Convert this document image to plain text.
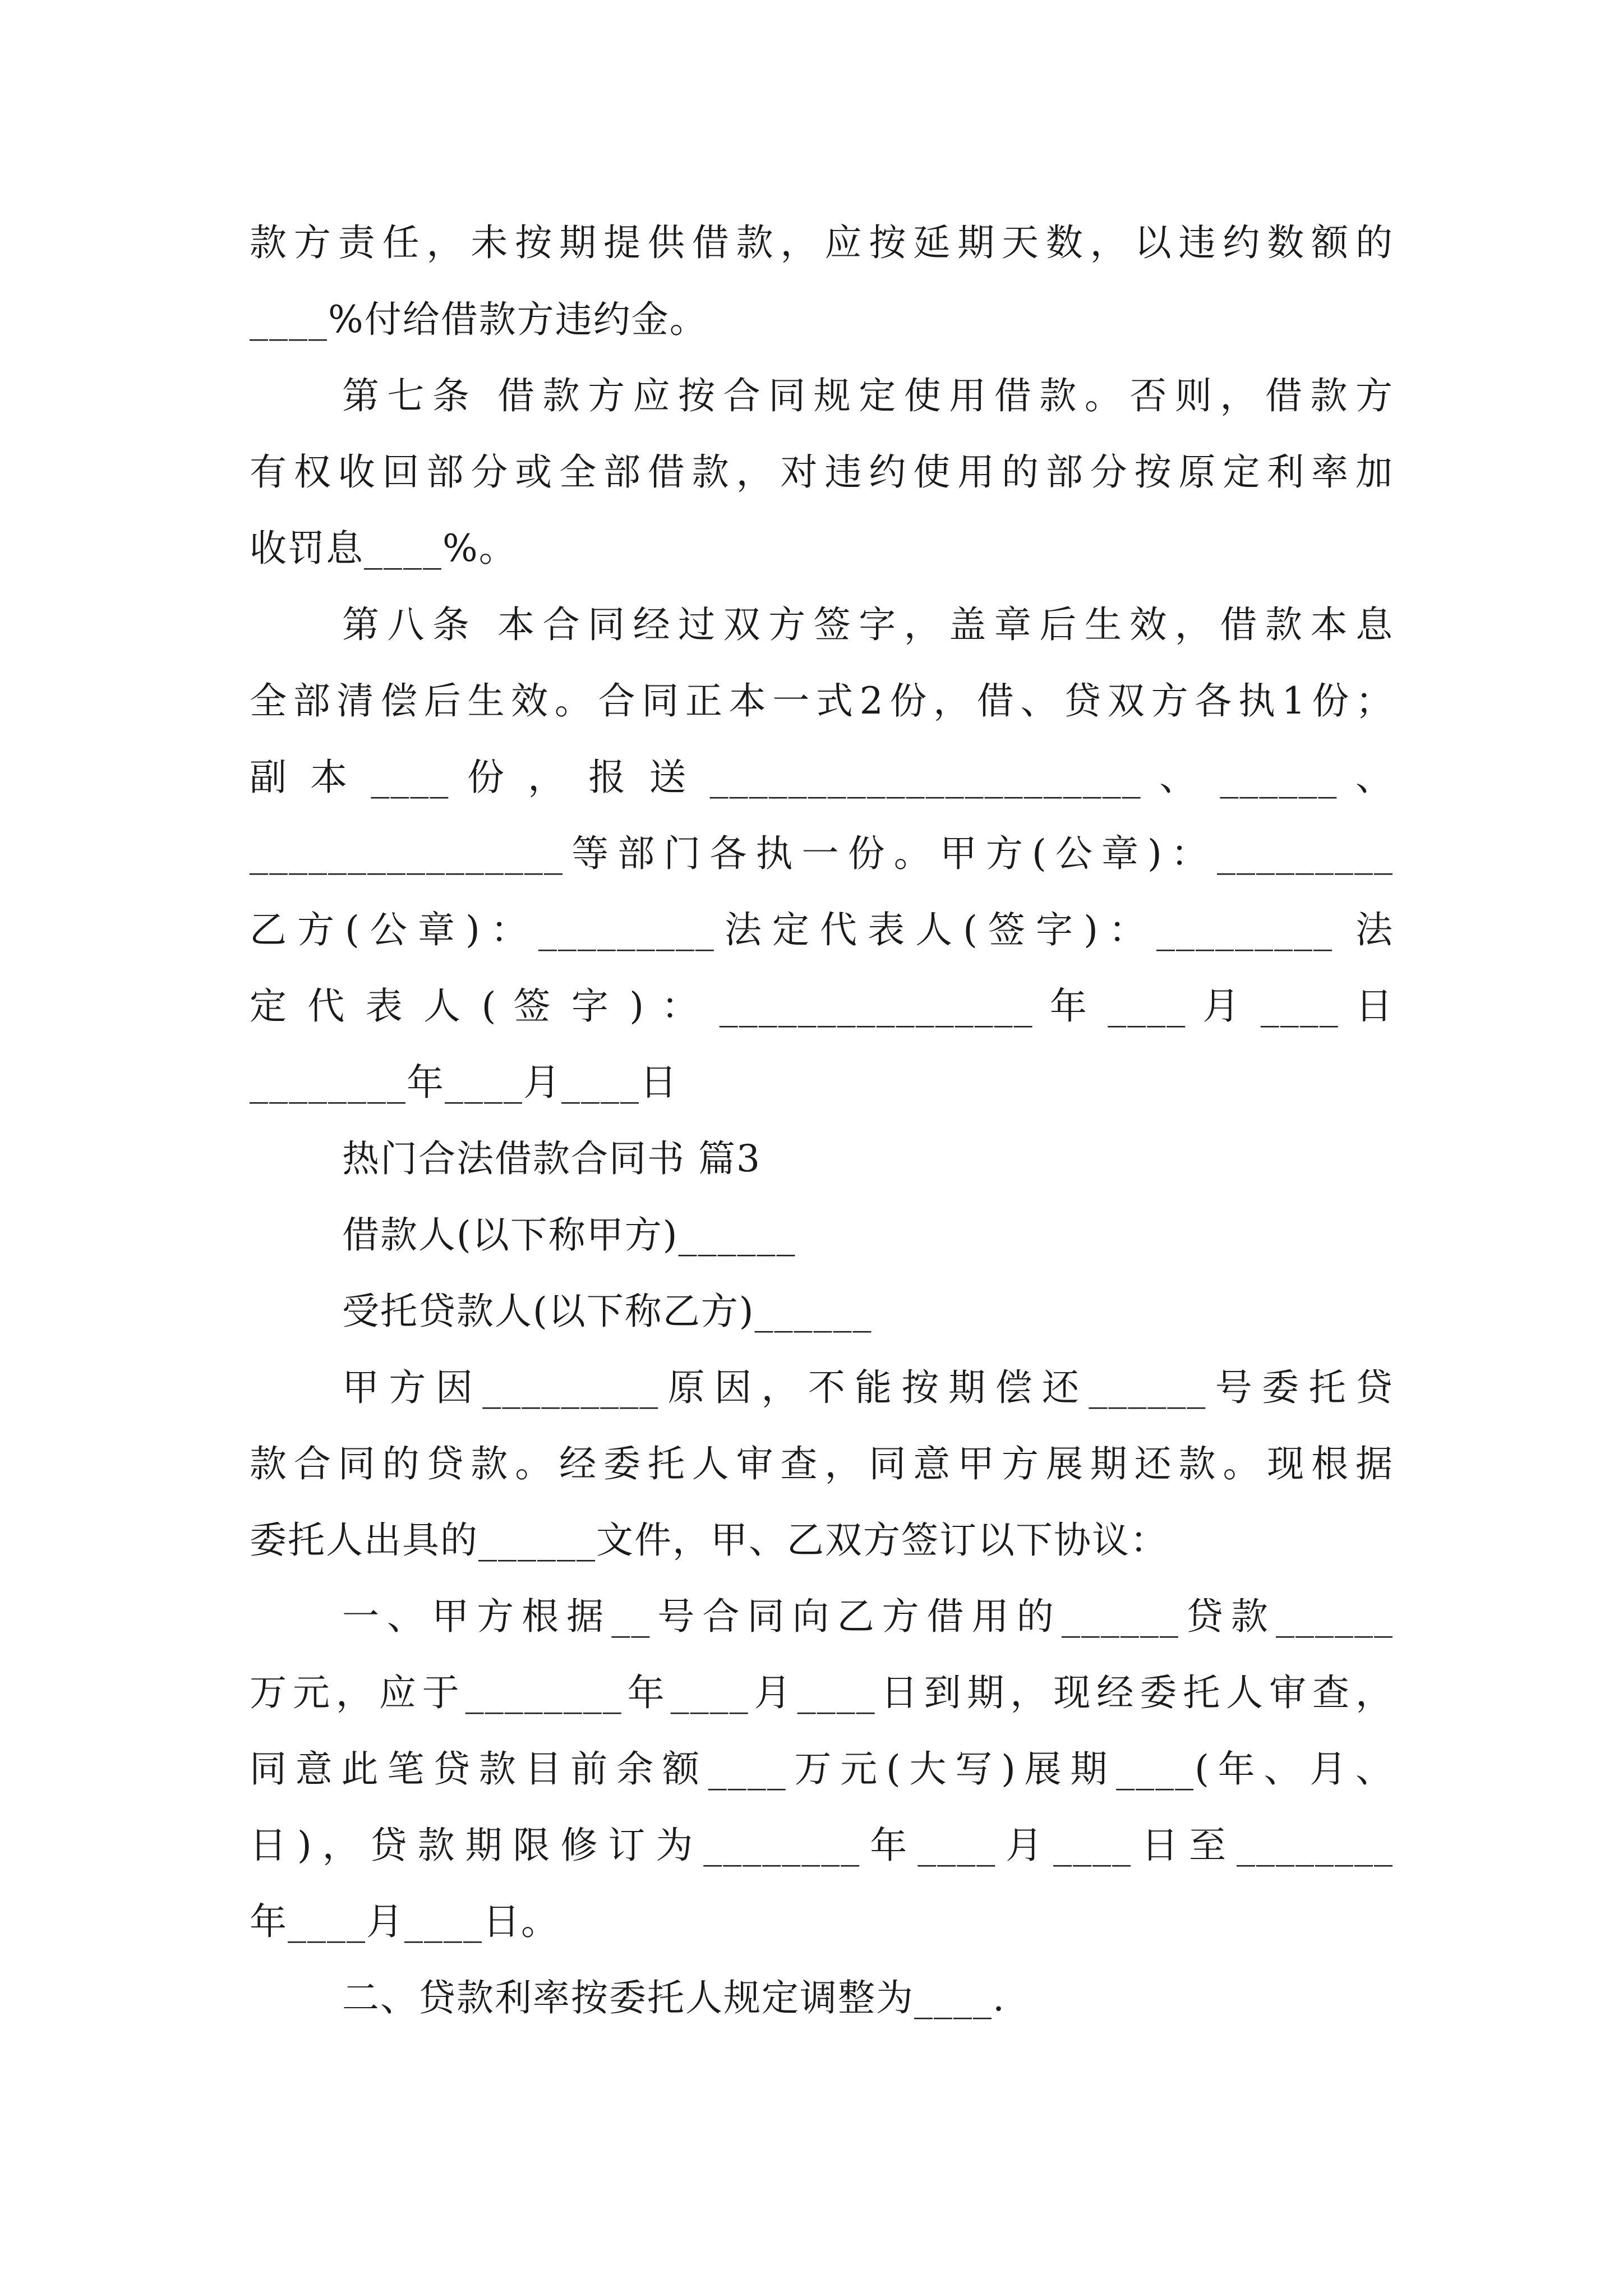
款方责任，未按期提供借款，应按延期天数，以违约数额的
____%付给借款方违约金。
第七条 借款方应按合同规定使用借款。否则，借款方
有权收回部分或全部借款，对违约使用的部分按原定利率加
收罚息____%。
第八条 本合同经过双方签字，盖章后生效，借款本息
全部清偿后生效。合同正本一式2份，借、贷双方各执1份；
副 本 ____ 份 ， 报 送 ______________________ 、 ______ 、
________________等部门各执一份。甲方(公章)：_________
乙方(公章)：_________法定代表人(签字)：_________ 法
定 代 表 人 ( 签 字 ) ： ________________ 年 ____ 月 ____ 日
________年____月____日
热门合法借款合同书 篇3
借款人(以下称甲方)______
受托贷款人(以下称乙方)______
甲方因_________原因，不能按期偿还______号委托贷
款合同的贷款。经委托人审查，同意甲方展期还款。现根据
委托人出具的______文件，甲、乙双方签订以下协议：
一、甲方根据__号合同向乙方借用的______贷款______
万元，应于________年____月____日到期，现经委托人审查，
同意此笔贷款目前余额____万元(大写)展期____(年、月、
日)，贷款期限修订为________年____月____日至________
年____月____日。
二、贷款利率按委托人规定调整为____.
